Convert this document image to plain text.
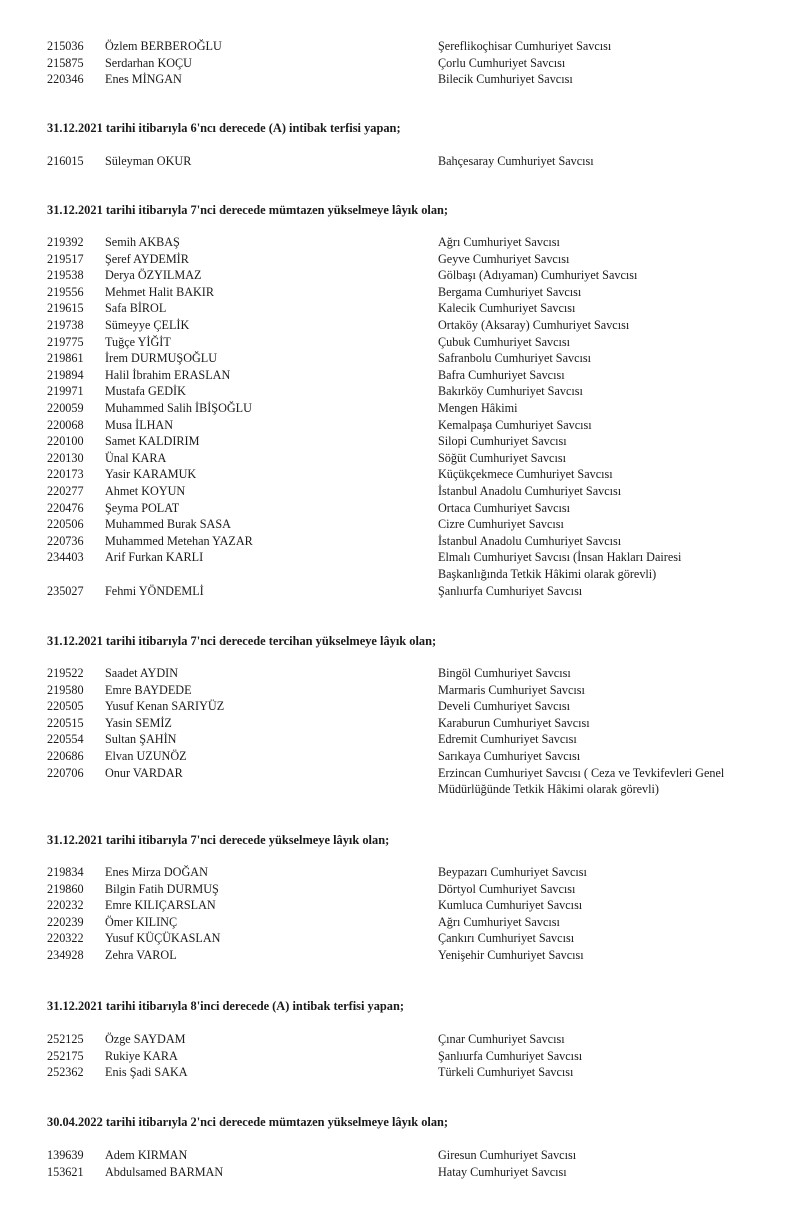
215036	Özlem BERBEROĞLU	Şereflikoçhisar Cumhuriyet Savcısı
215875	Serdarhan KOÇU	Çorlu Cumhuriyet Savcısı
220346	Enes MİNGAN	Bilecik Cumhuriyet Savcısı
31.12.2021 tarihi itibarıyla 6'ncı derecede (A) intibak terfisi yapan;
216015	Süleyman OKUR	Bahçesaray Cumhuriyet Savcısı
31.12.2021 tarihi itibarıyla 7'nci derecede mümtazen yükselmeye lâyık olan;
219392	Semih AKBAŞ	Ağrı Cumhuriyet Savcısı
219517	Şeref AYDEMİR	Geyve Cumhuriyet Savcısı
219538	Derya ÖZYILMAZ	Gölbaşı (Adıyaman) Cumhuriyet Savcısı
219556	Mehmet Halit BAKIR	Bergama Cumhuriyet Savcısı
219615	Safa BİROL	Kalecik Cumhuriyet Savcısı
219738	Sümeyye ÇELİK	Ortaköy (Aksaray) Cumhuriyet Savcısı
219775	Tuğçe YİĞİT	Çubuk Cumhuriyet Savcısı
219861	İrem DURMUŞOĞLU	Safranbolu Cumhuriyet Savcısı
219894	Halil İbrahim ERASLAN	Bafra Cumhuriyet Savcısı
219971	Mustafa GEDİK	Bakırköy Cumhuriyet Savcısı
220059	Muhammed Salih İBİŞOĞLU	Mengen Hâkimi
220068	Musa İLHAN	Kemalpaşa Cumhuriyet Savcısı
220100	Samet KALDIRIM	Silopi Cumhuriyet Savcısı
220130	Ünal KARA	Söğüt Cumhuriyet Savcısı
220173	Yasir KARAMUK	Küçükçekmece Cumhuriyet Savcısı
220277	Ahmet KOYUN	İstanbul Anadolu Cumhuriyet Savcısı
220476	Şeyma POLAT	Ortaca Cumhuriyet Savcısı
220506	Muhammed Burak SASA	Cizre Cumhuriyet Savcısı
220736	Muhammed Metehan YAZAR	İstanbul Anadolu Cumhuriyet Savcısı
234403	Arif Furkan KARLI	Elmalı Cumhuriyet Savcısı (İnsan Hakları Dairesi Başkanlığında Tetkik Hâkimi olarak görevli)
235027	Fehmi YÖNDEMLİ	Şanlıurfa Cumhuriyet Savcısı
31.12.2021 tarihi itibarıyla 7'nci derecede tercihan yükselmeye lâyık olan;
219522	Saadet AYDIN	Bingöl Cumhuriyet Savcısı
219580	Emre BAYDEDE	Marmaris Cumhuriyet Savcısı
220505	Yusuf Kenan SARIYÜZ	Develi Cumhuriyet Savcısı
220515	Yasin SEMİZ	Karaburun Cumhuriyet Savcısı
220554	Sultan ŞAHİN	Edremit Cumhuriyet Savcısı
220686	Elvan UZUNÖZ	Sarıkaya Cumhuriyet Savcısı
220706	Onur VARDAR	Erzincan Cumhuriyet Savcısı ( Ceza ve Tevkifevleri Genel Müdürlüğünde Tetkik Hâkimi olarak görevli)
31.12.2021 tarihi itibarıyla 7'nci derecede yükselmeye lâyık olan;
219834	Enes Mirza DOĞAN	Beypazarı Cumhuriyet Savcısı
219860	Bilgin Fatih DURMUŞ	Dörtyol Cumhuriyet Savcısı
220232	Emre KILIÇARSLAN	Kumluca Cumhuriyet Savcısı
220239	Ömer KILINÇ	Ağrı Cumhuriyet Savcısı
220322	Yusuf KÜÇÜKASLAN	Çankırı Cumhuriyet Savcısı
234928	Zehra VAROL	Yenişehir Cumhuriyet Savcısı
31.12.2021 tarihi itibarıyla 8'inci derecede (A) intibak terfisi yapan;
252125	Özge SAYDAM	Çınar Cumhuriyet Savcısı
252175	Rukiye KARA	Şanlıurfa Cumhuriyet Savcısı
252362	Enis Şadi SAKA	Türkeli Cumhuriyet Savcısı
30.04.2022 tarihi itibarıyla 2'nci derecede mümtazen yükselmeye lâyık olan;
139639	Adem KIRMAN	Giresun Cumhuriyet Savcısı
153621	Abdulsamed BARMAN	Hatay Cumhuriyet Savcısı
